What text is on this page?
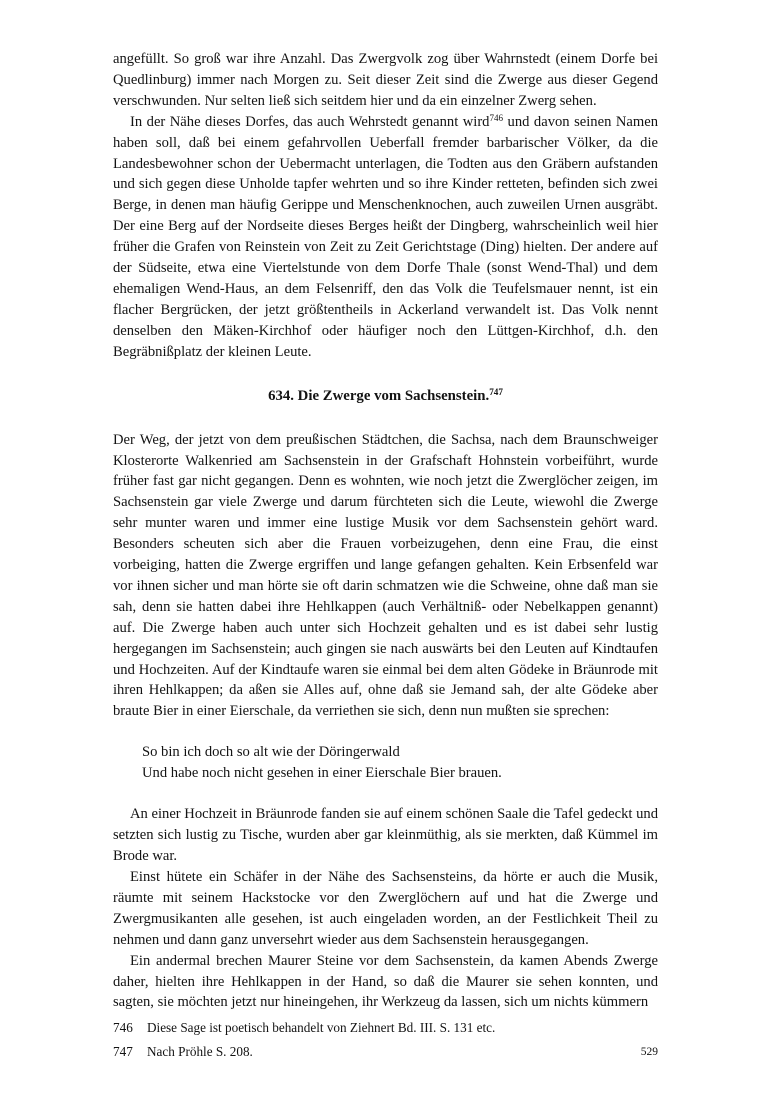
angefüllt. So groß war ihre Anzahl. Das Zwergvolk zog über Wahrnstedt (einem Dorfe bei Quedlinburg) immer nach Morgen zu. Seit dieser Zeit sind die Zwerge aus dieser Gegend verschwunden. Nur selten ließ sich seitdem hier und da ein einzelner Zwerg sehen.

In der Nähe dieses Dorfes, das auch Wehrstedt genannt wird$^{746}$ und davon seinen Namen haben soll, daß bei einem gefahrvollen Ueberfall fremder barbarischer Völker, da die Landesbewohner schon der Uebermacht unterlagen, die Todten aus den Gräbern aufstanden und sich gegen diese Unholde tapfer wehrten und so ihre Kinder retteten, befinden sich zwei Berge, in denen man häufig Gerippe und Menschenknochen, auch zuweilen Urnen ausgräbt. Der eine Berg auf der Nordseite dieses Berges heißt der Dingberg, wahrscheinlich weil hier früher die Grafen von Reinstein von Zeit zu Zeit Gerichtstage (Ding) hielten. Der andere auf der Südseite, etwa eine Viertelstunde von dem Dorfe Thale (sonst Wend-Thal) und dem ehemaligen Wend-Haus, an dem Felsenriff, den das Volk die Teufelsmauer nennt, ist ein flacher Bergrücken, der jetzt größtentheils in Ackerland verwandelt ist. Das Volk nennt denselben den Mäken-Kirchhof oder häufiger noch den Lüttgen-Kirchhof, d.h. den Begräbnißplatz der kleinen Leute.

634. Die Zwerge vom Sachsenstein.$^{747}$

Der Weg, der jetzt von dem preußischen Städtchen, die Sachsa, nach dem Braunschweiger Klosterorte Walkenried am Sachsenstein in der Grafschaft Hohnstein vorbeiführt, wurde früher fast gar nicht gegangen. Denn es wohnten, wie noch jetzt die Zwerglöcher zeigen, im Sachsenstein gar viele Zwerge und darum fürchteten sich die Leute, wiewohl die Zwerge sehr munter waren und immer eine lustige Musik vor dem Sachsenstein gehört ward. Besonders scheuten sich aber die Frauen vorbeizugehen, denn eine Frau, die einst vorbeiging, hatten die Zwerge ergriffen und lange gefangen gehalten. Kein Erbsenfeld war vor ihnen sicher und man hörte sie oft darin schmatzen wie die Schweine, ohne daß man sie sah, denn sie hatten dabei ihre Hehlkappen (auch Verhältniß- oder Nebelkappen genannt) auf. Die Zwerge haben auch unter sich Hochzeit gehalten und es ist dabei sehr lustig hergegangen im Sachsenstein; auch gingen sie nach auswärts bei den Leuten auf Kindtaufen und Hochzeiten. Auf der Kindtaufe waren sie einmal bei dem alten Gödeke in Bräunrode mit ihren Hehlkappen; da aßen sie Alles auf, ohne daß sie Jemand sah, der alte Gödeke aber braute Bier in einer Eierschale, da verriethen sie sich, denn nun mußten sie sprechen:

So bin ich doch so alt wie der Döringerwald
Und habe noch nicht gesehen in einer Eierschale Bier brauen.

An einer Hochzeit in Bräunrode fanden sie auf einem schönen Saale die Tafel gedeckt und setzten sich lustig zu Tische, wurden aber gar kleinmüthig, als sie merkten, daß Kümmel im Brode war.

Einst hütete ein Schäfer in der Nähe des Sachsensteins, da hörte er auch die Musik, räumte mit seinem Hackstocke vor den Zwerglöchern auf und hat die Zwerge und Zwergmusikanten alle gesehen, ist auch eingeladen worden, an der Festlichkeit Theil zu nehmen und dann ganz unversehrt wieder aus dem Sachsenstein herausgegangen.

Ein andermal brechen Maurer Steine vor dem Sachsenstein, da kamen Abends Zwerge daher, hielten ihre Hehlkappen in der Hand, so daß die Maurer sie sehen konnten, und sagten, sie möchten jetzt nur hineingehen, ihr Werkzeug da lassen, sich um nichts kümmern

746	Diese Sage ist poetisch behandelt von Ziehnert Bd. III. S. 131 etc.
747	Nach Pröhle S. 208.	529
